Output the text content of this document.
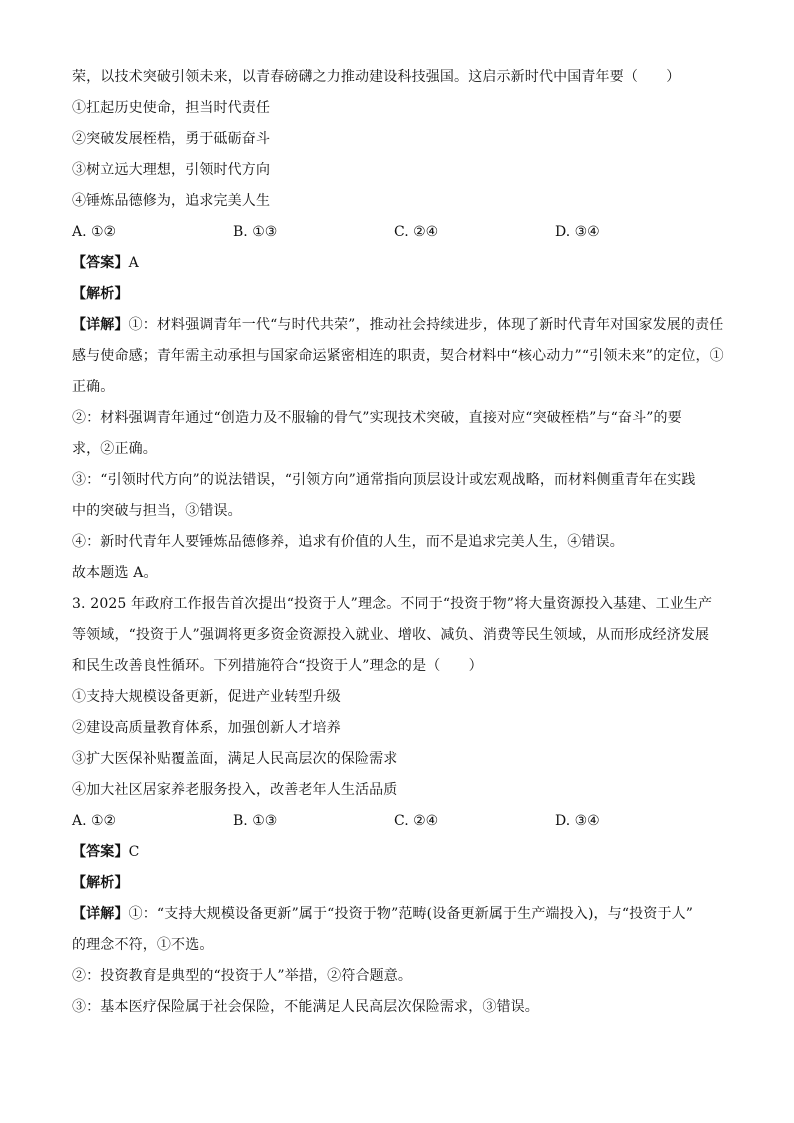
荣，以技术突破引领未来，以青春磅礴之力推动建设科技强国。这启示新时代中国青年要（　　）
①扛起历史使命，担当时代责任
②突破发展桎梏，勇于砥砺奋斗
③树立远大理想，引领时代方向
④锤炼品德修为，追求完美人生
A. ①②	B. ①③	C. ②④	D. ③④
【答案】A
【解析】
【详解】①：材料强调青年一代“与时代共荣”，推动社会持续进步，体现了新时代青年对国家发展的责任
感与使命感；青年需主动承担与国家命运紧密相连的职责，契合材料中“核心动力”“引领未来”的定位，①
正确。
②：材料强调青年通过“创造力及不服输的骨气”实现技术突破，直接对应“突破桎梏”与“奋斗”的要
求，②正确。
③：“引领时代方向”的说法错误，“引领方向”通常指向顶层设计或宏观战略，而材料侧重青年在实践
中的突破与担当，③错误。
④：新时代青年人要锤炼品德修养，追求有价值的人生，而不是追求完美人生，④错误。
故本题选 A。
3. 2025 年政府工作报告首次提出“投资于人”理念。不同于“投资于物”将大量资源投入基建、工业生产
等领域，“投资于人”强调将更多资金资源投入就业、增收、减负、消费等民生领域，从而形成经济发展
和民生改善良性循环。下列措施符合“投资于人”理念的是（　　）
①支持大规模设备更新，促进产业转型升级
②建设高质量教育体系，加强创新人才培养
③扩大医保补贴覆盖面，满足人民高层次的保险需求
④加大社区居家养老服务投入，改善老年人生活品质
A. ①②	B. ①③	C. ②④	D. ③④
【答案】C
【解析】
【详解】①：“支持大规模设备更新”属于“投资于物”范畴(设备更新属于生产端投入)，与“投资于人”
的理念不符，①不选。
②：投资教育是典型的“投资于人”举措，②符合题意。
③：基本医疗保险属于社会保险，不能满足人民高层次保险需求，③错误。
